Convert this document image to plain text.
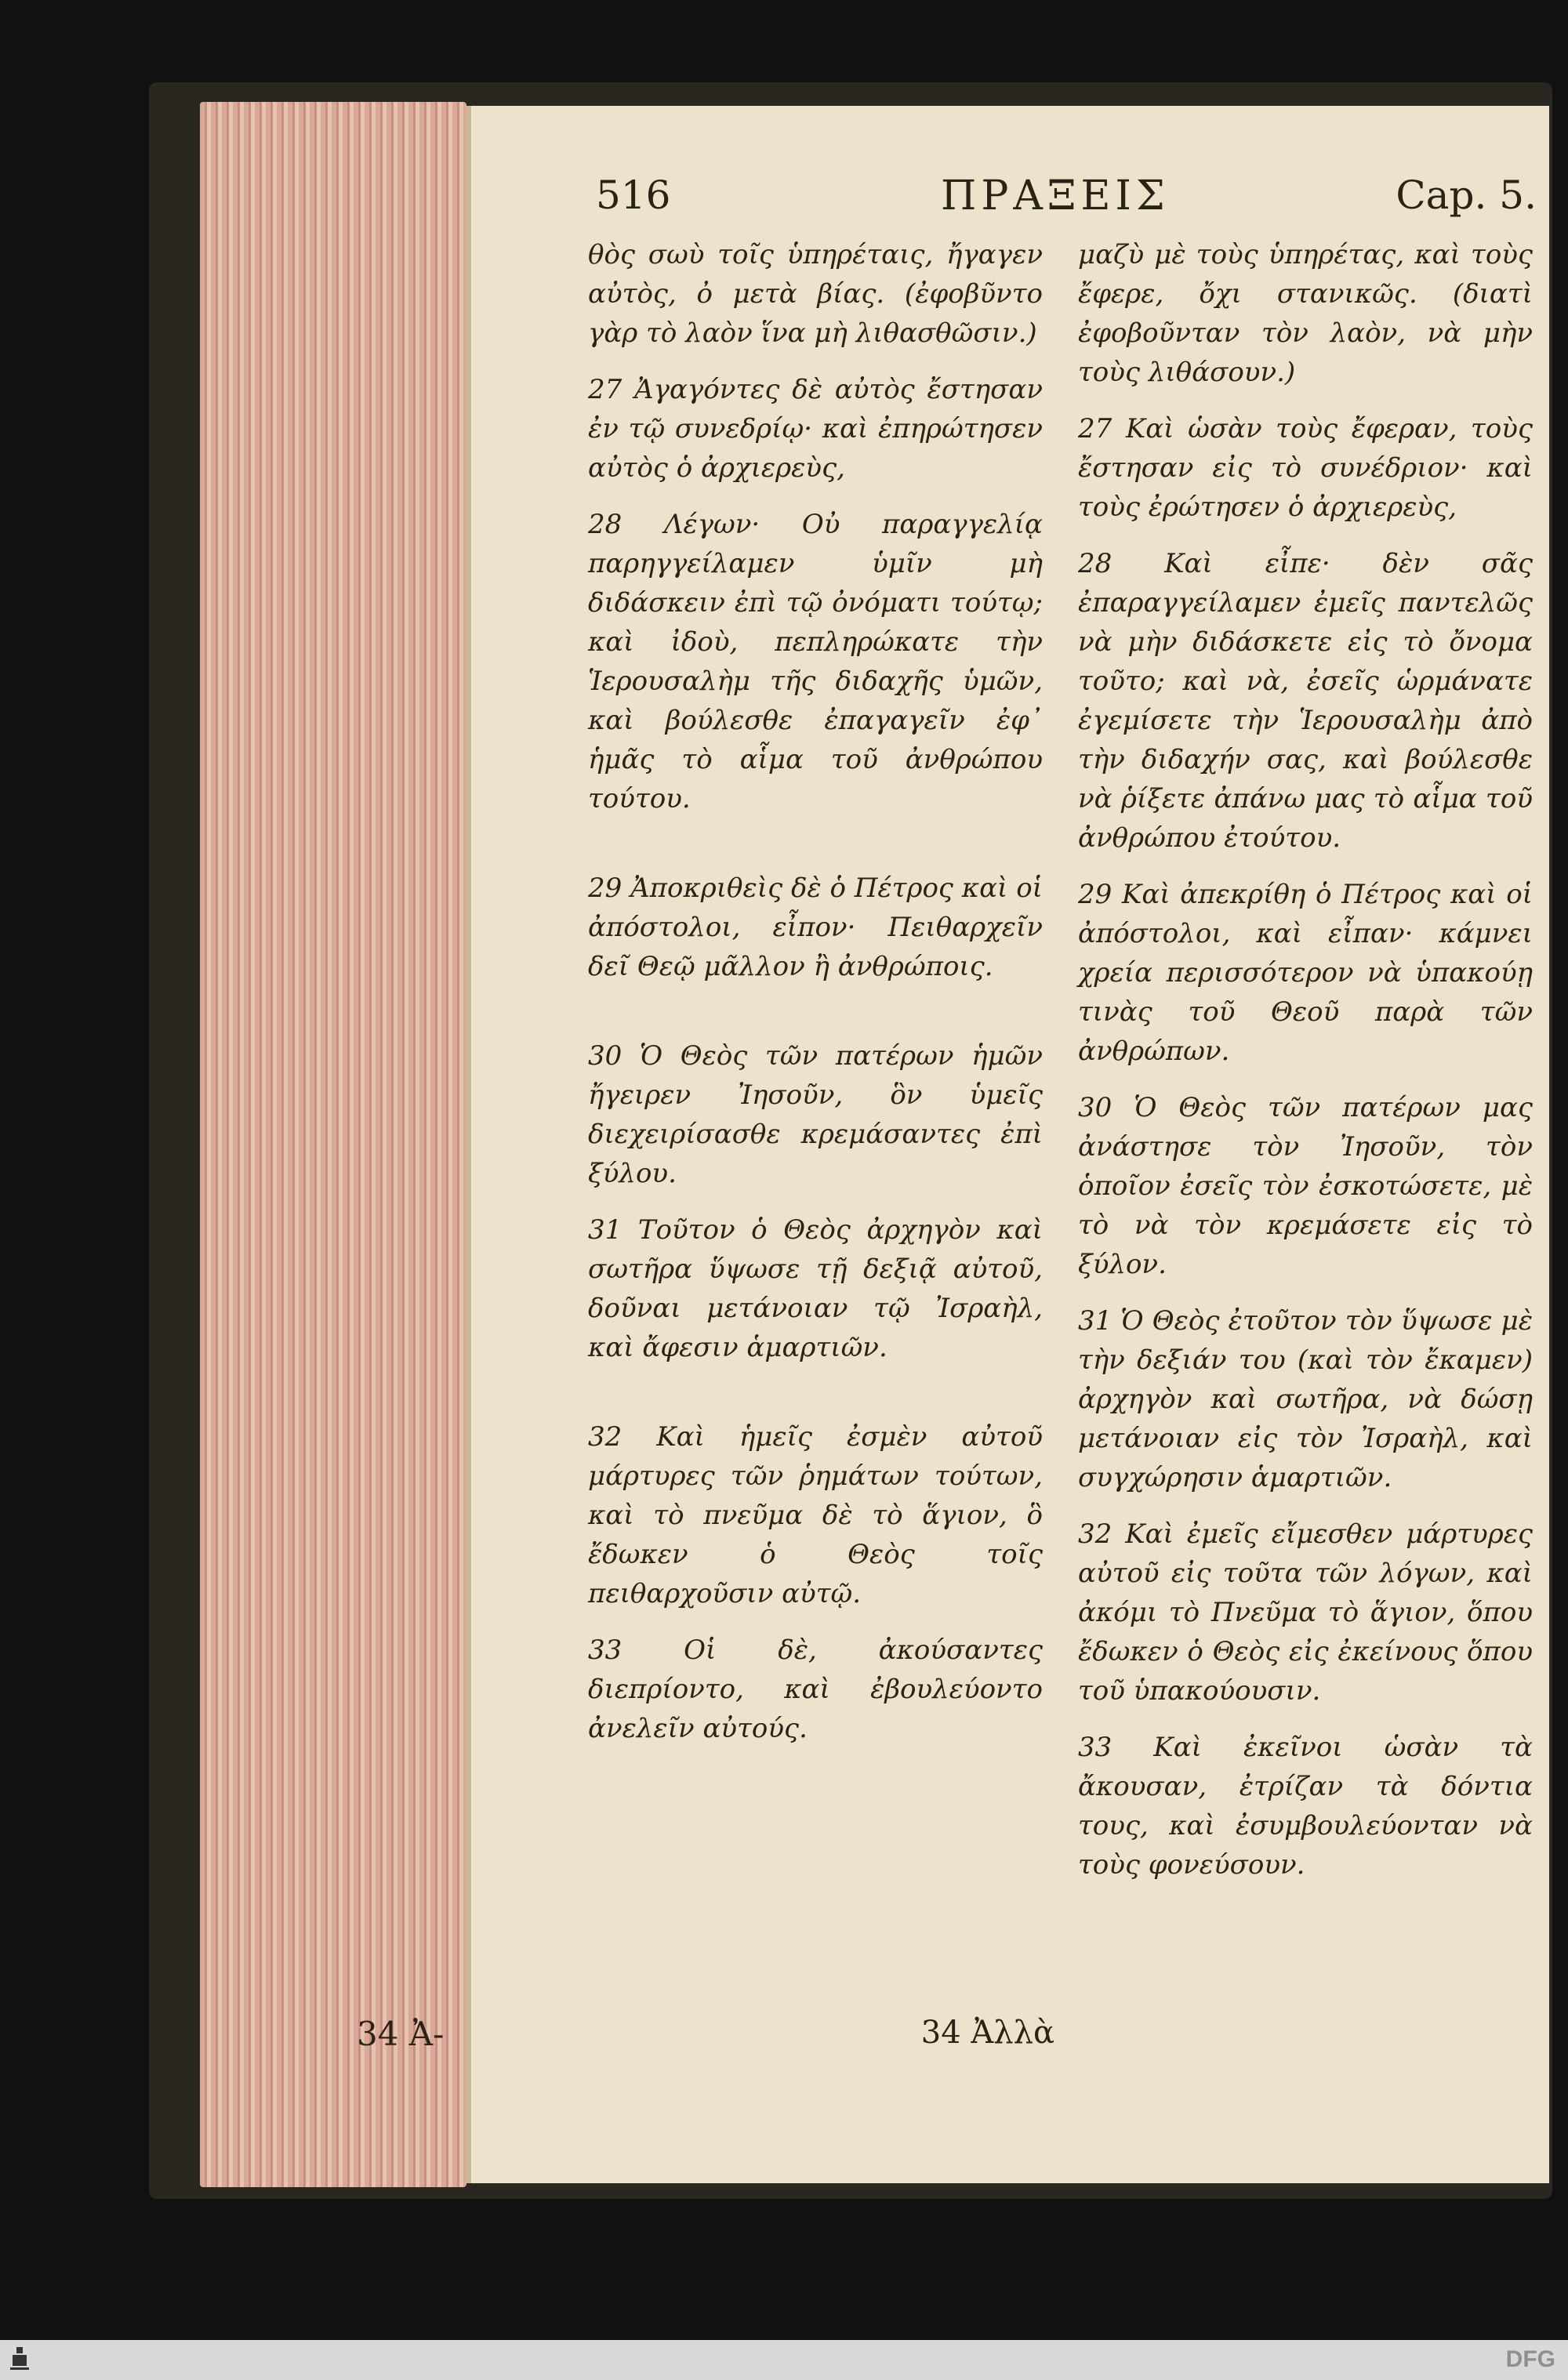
516	ΠΡΑΞΕΙΣ	Cap. 5.

θὸς σωὺ τοῖς ὑπηρέταις, ἤγαγεν αὐτὸς, ὀ μετὰ βίας. (ἐφοβῦντο γὰρ τὸ λαὸν ἵνα μὴ λιθασθῶσιν.)

27 Ἀγαγόντες δὲ αὐτὸς ἔστησαν ἐν τῷ συνεδρίῳ· καὶ ἐπηρώτησεν αὐτὸς ὁ ἀρχιερεὺς,

28 Λέγων· Οὐ παραγγελίᾳ παρηγγείλαμεν ὑμῖν μὴ διδάσκειν ἐπὶ τῷ ὀνόματι τούτῳ; καὶ ἰδοὺ, πεπληρώκατε τὴν Ἱερουσαλὴμ τῆς διδαχῆς ὑμῶν, καὶ βούλεσθε ἐπαγαγεῖν ἐφ᾽ ἡμᾶς τὸ αἷμα τοῦ ἀνθρώπου τούτου.

29 Ἀποκριθεὶς δὲ ὁ Πέτρος καὶ οἱ ἀπόστολοι, εἶπον· Πειθαρχεῖν δεῖ Θεῷ μᾶλλον ἢ ἀνθρώποις.

30 Ὁ Θεὸς τῶν πατέρων ἡμῶν ἤγειρεν Ἰησοῦν, ὃν ὑμεῖς διεχειρίσασθε κρεμάσαντες ἐπὶ ξύλου.

31 Τοῦτον ὁ Θεὸς ἀρχηγὸν καὶ σωτῆρα ὕψωσε τῇ δεξιᾷ αὐτοῦ, δοῦναι μετάνοιαν τῷ Ἰσραὴλ, καὶ ἄφεσιν ἁμαρτιῶν.

32 Καὶ ἡμεῖς ἐσμὲν αὐτοῦ μάρτυρες τῶν ῥημάτων τούτων, καὶ τὸ πνεῦμα δὲ τὸ ἅγιον, ὃ ἔδωκεν ὁ Θεὸς τοῖς πειθαρχοῦσιν αὐτῷ.

33 Οἱ δὲ, ἀκούσαντες διεπρίοντο, καὶ ἐβουλεύοντο ἀνελεῖν αὐτούς.

μαζὺ μὲ τοὺς ὑπηρέτας, καὶ τοὺς ἔφερε, ὄχι στανικῶς. (διατὶ ἐφοβοῦνταν τὸν λαὸν, νὰ μὴν τοὺς λιθάσουν.)

27 Καὶ ὡσὰν τοὺς ἔφεραν, τοὺς ἔστησαν εἰς τὸ συνέδριον· καὶ τοὺς ἐρώτησεν ὁ ἀρχιερεὺς,

28 Καὶ εἶπε· δὲν σᾶς ἐπαραγγείλαμεν ἐμεῖς παντελῶς νὰ μὴν διδάσκετε εἰς τὸ ὄνομα τοῦτο; καὶ νὰ, ἐσεῖς ὡρμάνατε ἐγεμίσετε τὴν Ἱερουσαλὴμ ἀπὸ τὴν διδαχήν σας, καὶ βούλεσθε νὰ ῥίξετε ἀπάνω μας τὸ αἷμα τοῦ ἀνθρώπου ἐτούτου.

29 Καὶ ἀπεκρίθη ὁ Πέτρος καὶ οἱ ἀπόστολοι, καὶ εἶπαν· κάμνει χρεία περισσότερον νὰ ὑπακούῃ τινὰς τοῦ Θεοῦ παρὰ τῶν ἀνθρώπων.

30 Ὁ Θεὸς τῶν πατέρων μας ἀνάστησε τὸν Ἰησοῦν, τὸν ὁποῖον ἐσεῖς τὸν ἐσκοτώσετε, μὲ τὸ νὰ τὸν κρεμάσετε εἰς τὸ ξύλον.

31 Ὁ Θεὸς ἐτοῦτον τὸν ὕψωσε μὲ τὴν δεξιάν του (καὶ τὸν ἔκαμεν) ἀρχηγὸν καὶ σωτῆρα, νὰ δώσῃ μετάνοιαν εἰς τὸν Ἰσραὴλ, καὶ συγχώρησιν ἁμαρτιῶν.

32 Καὶ ἐμεῖς εἴμεσθεν μάρτυρες αὐτοῦ εἰς τοῦτα τῶν λόγων, καὶ ἀκόμι τὸ Πνεῦμα τὸ ἅγιον, ὅπου ἔδωκεν ὁ Θεὸς εἰς ἐκείνους ὅπου τοῦ ὑπακούουσιν.

33 Καὶ ἐκεῖνοι ὡσὰν τὰ ἄκουσαν, ἐτρίζαν τὰ δόντια τους, καὶ ἐσυμβουλεύονταν νὰ τοὺς φονεύσουν.

34 Ἀ-	34 Ἀλλὰ
DFG
